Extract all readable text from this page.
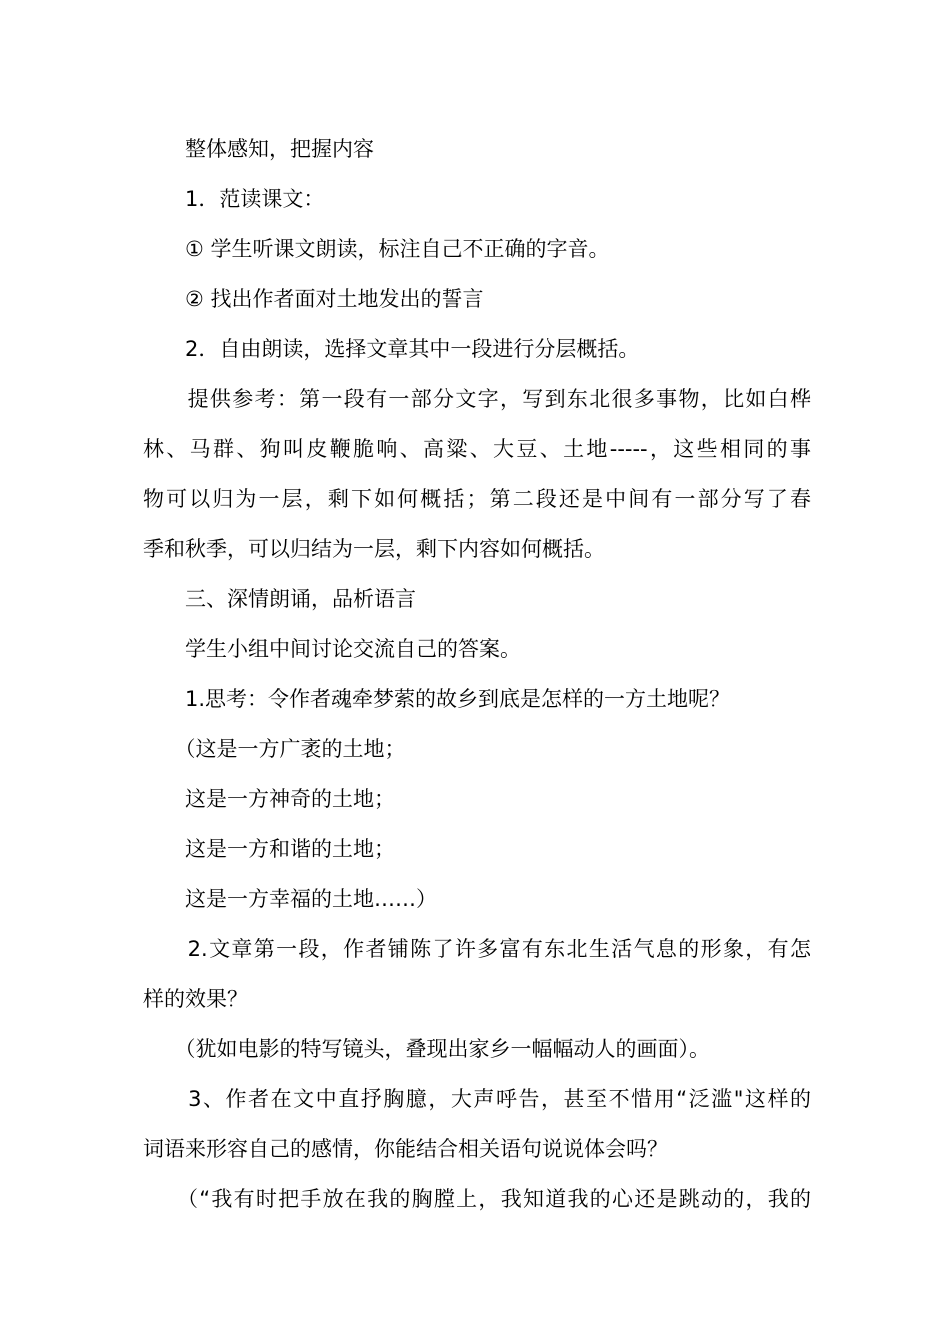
　　整体感知，把握内容
　　1．范读课文：
　　① 学生听课文朗读，标注自己不正确的字音。
　　② 找出作者面对土地发出的誓言
　　2．自由朗读，选择文章其中一段进行分层概括。
　　提供参考：第一段有一部分文字，写到东北很多事物，比如白桦
林、马群、狗叫皮鞭脆响、高粱、大豆、土地-----，这些相同的事
物可以归为一层，剩下如何概括；第二段还是中间有一部分写了春
季和秋季，可以归结为一层，剩下内容如何概括。
　　三、深情朗诵，品析语言
　　学生小组中间讨论交流自己的答案。
　　1.思考：令作者魂牵梦萦的故乡到底是怎样的一方土地呢？
　　（这是一方广袤的土地；
　　这是一方神奇的土地；
　　这是一方和谐的土地；
　　这是一方幸福的土地……）
　　2.文章第一段，作者铺陈了许多富有东北生活气息的形象，有怎
样的效果？
　　（犹如电影的特写镜头，叠现出家乡一幅幅动人的画面）。
　　3、作者在文中直抒胸臆，大声呼告，甚至不惜用“泛滥"这样的
词语来形容自己的感情，你能结合相关语句说说体会吗？
　　（“我有时把手放在我的胸膛上，我知道我的心还是跳动的，我的
